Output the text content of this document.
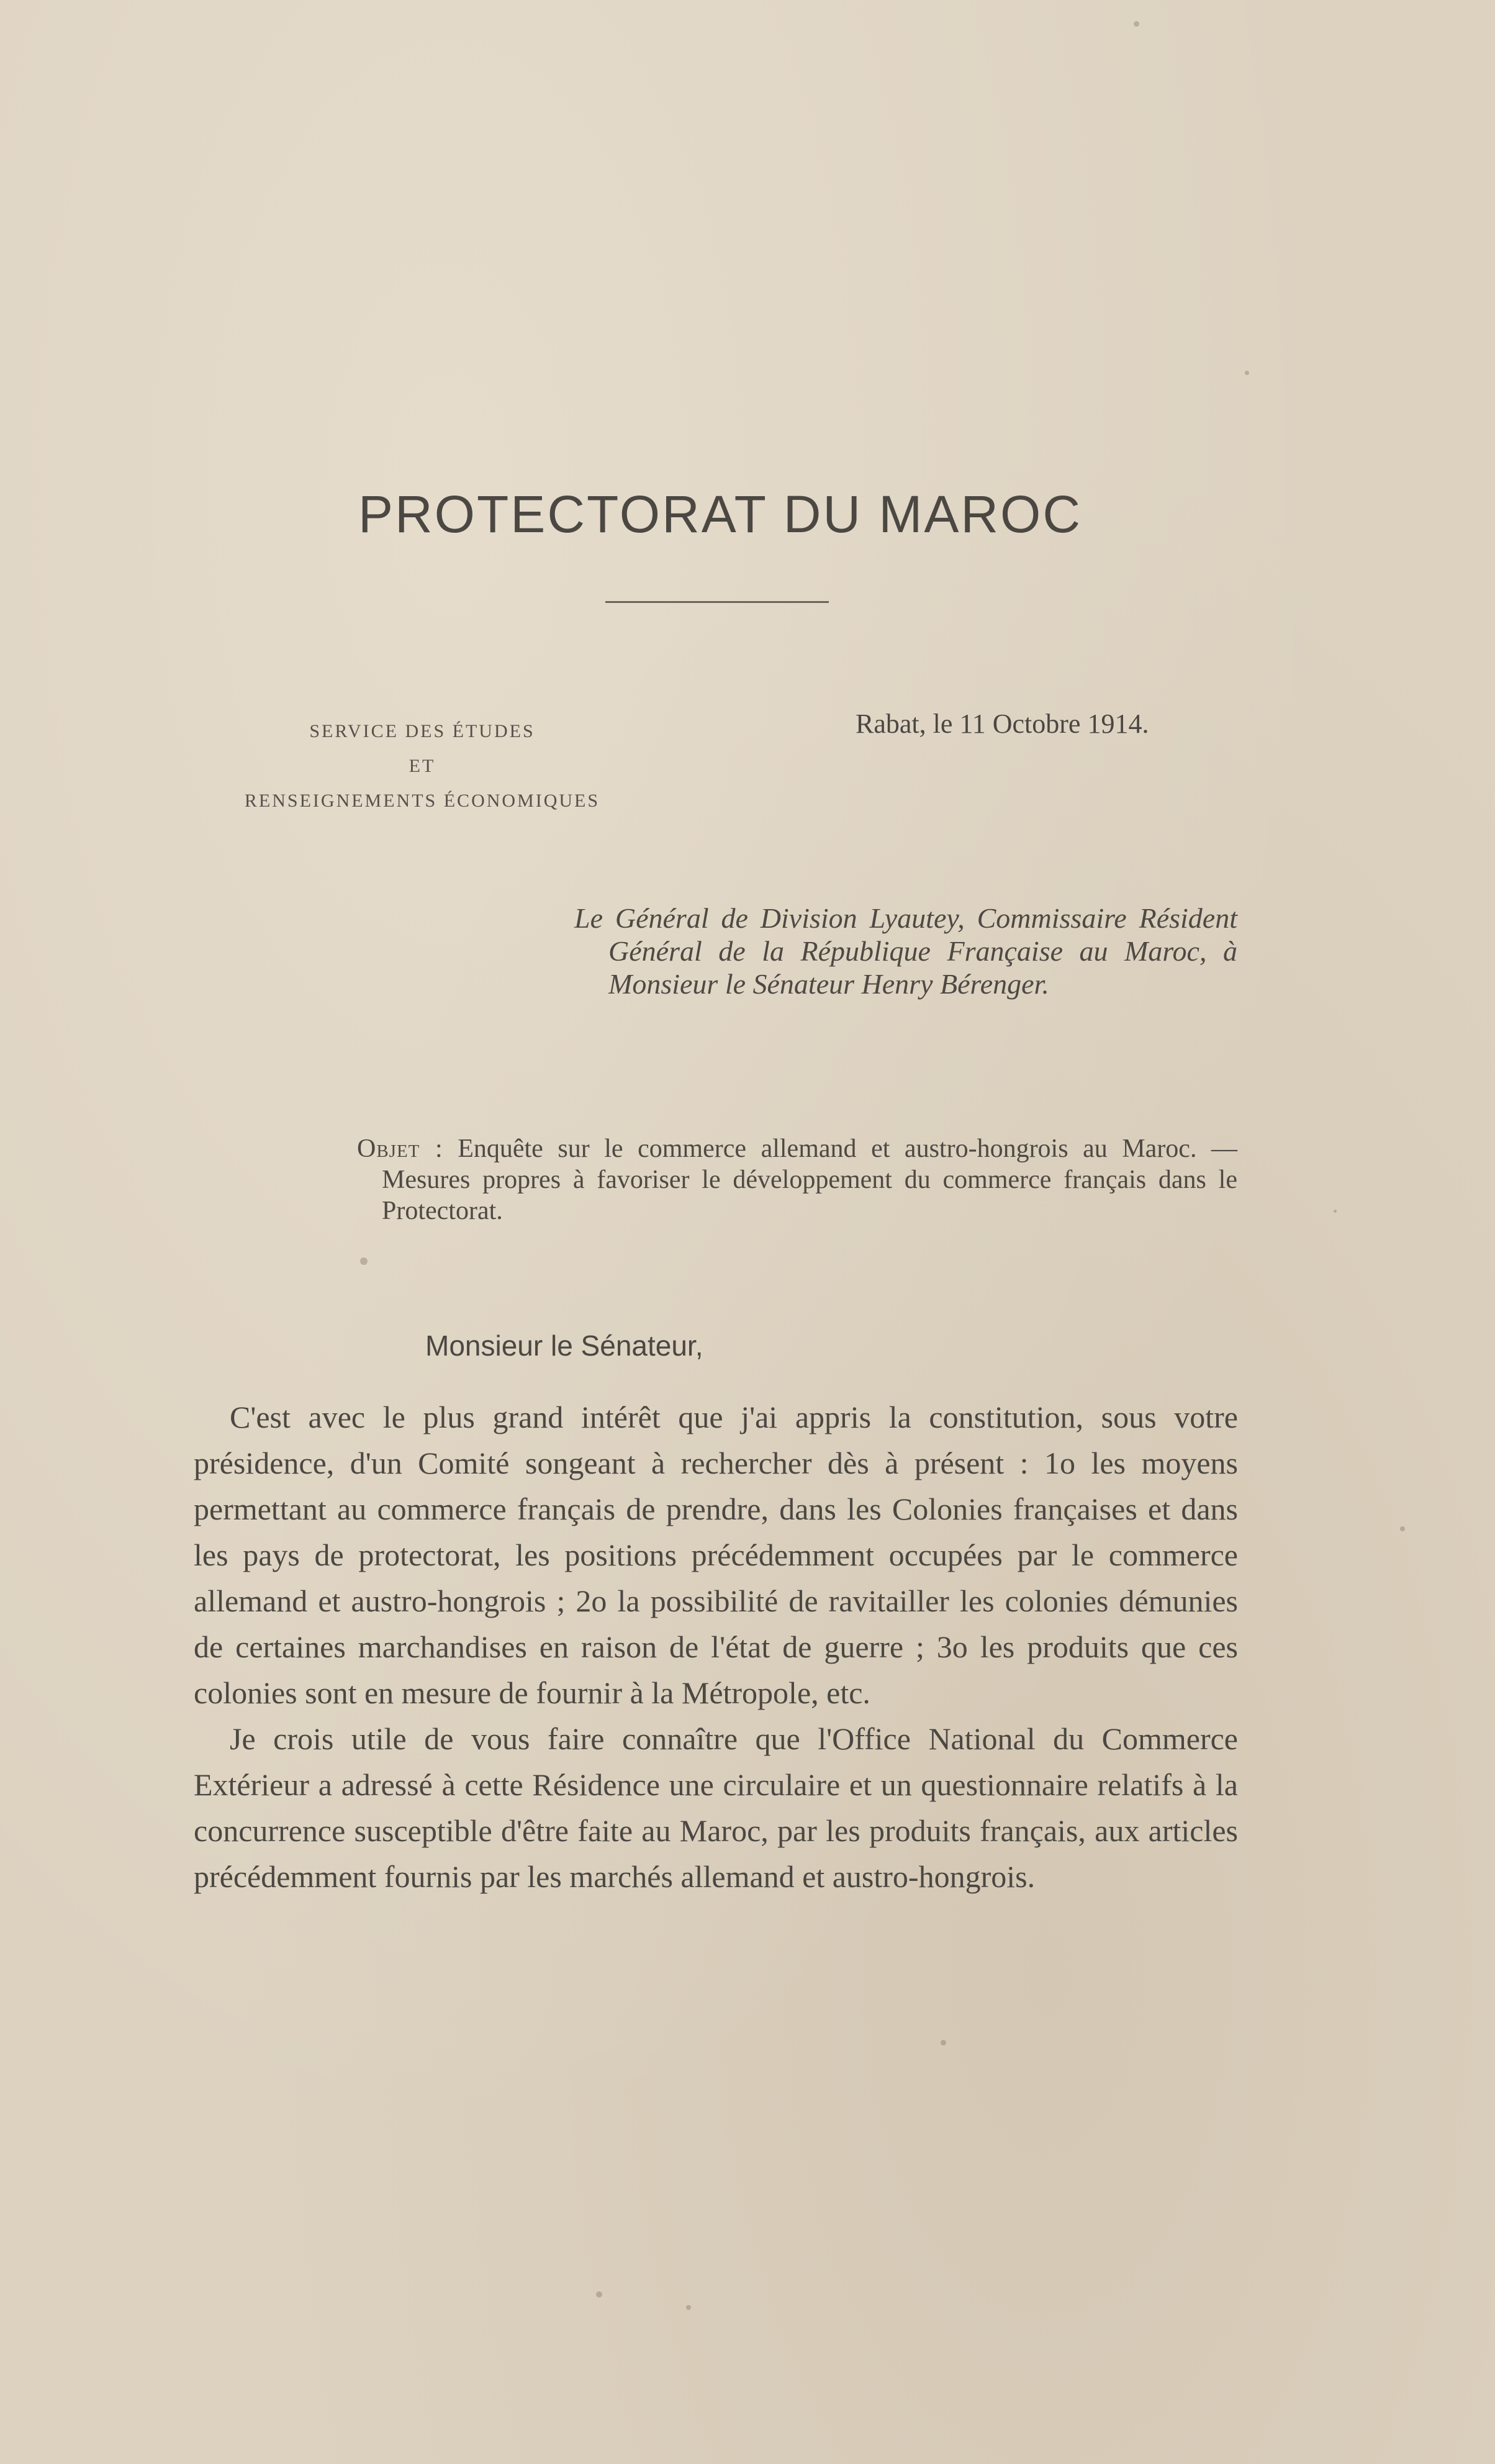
PROTECTORAT DU MAROC
SERVICE DES ÉTUDES
ET
RENSEIGNEMENTS ÉCONOMIQUES
Rabat, le 11 Octobre 1914.
Le Général de Division Lyautey, Commissaire Résident Général de la République Française au Maroc, à Monsieur le Sénateur Henry Bérenger.
Objet : Enquête sur le commerce allemand et austro-hongrois au Maroc. — Mesures propres à favoriser le développement du commerce français dans le Protectorat.
Monsieur le Sénateur,

C'est avec le plus grand intérêt que j'ai appris la constitution, sous votre présidence, d'un Comité songeant à rechercher dès à présent : 1o les moyens permettant au commerce français de prendre, dans les Colonies françaises et dans les pays de protectorat, les positions précédemment occupées par le commerce allemand et austro-hongrois ; 2o la possibilité de ravitailler les colonies démunies de certaines marchandises en raison de l'état de guerre ; 3o les produits que ces colonies sont en mesure de fournir à la Métropole, etc.

Je crois utile de vous faire connaître que l'Office National du Commerce Extérieur a adressé à cette Résidence une circulaire et un questionnaire relatifs à la concurrence susceptible d'être faite au Maroc, par les produits français, aux articles précédemment fournis par les marchés allemand et austro-hongrois.
